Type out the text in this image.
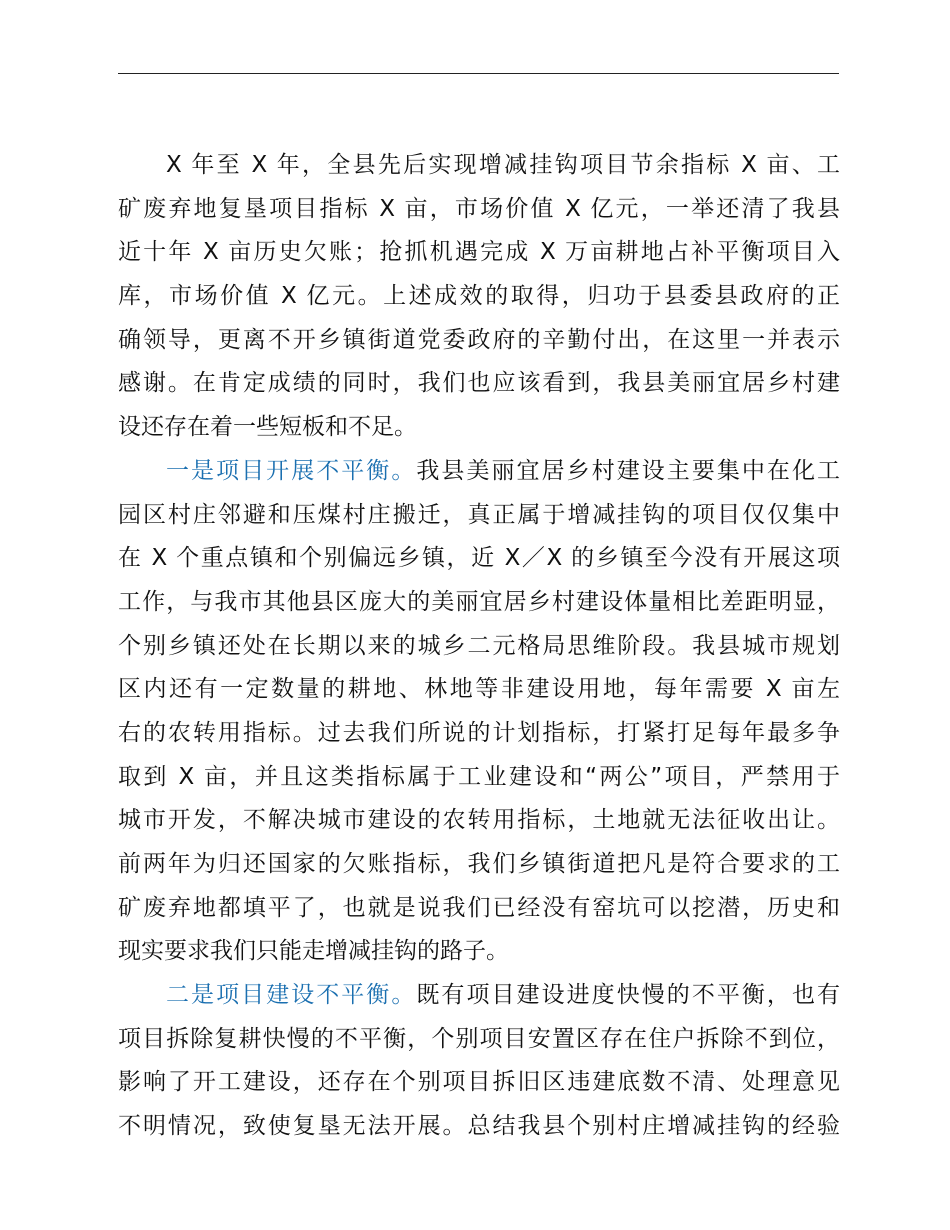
X 年至 X 年，全县先后实现增减挂钩项目节余指标 X 亩、工
矿废弃地复垦项目指标 X 亩，市场价值 X 亿元，一举还清了我县
近十年 X 亩历史欠账；抢抓机遇完成 X 万亩耕地占补平衡项目入
库，市场价值 X 亿元。上述成效的取得，归功于县委县政府的正
确领导，更离不开乡镇街道党委政府的辛勤付出，在这里一并表示
感谢。在肯定成绩的同时，我们也应该看到，我县美丽宜居乡村建
设还存在着一些短板和不足。
一是项目开展不平衡。我县美丽宜居乡村建设主要集中在化工
园区村庄邻避和压煤村庄搬迁，真正属于增减挂钩的项目仅仅集中
在 X 个重点镇和个别偏远乡镇，近 X／X 的乡镇至今没有开展这项
工作，与我市其他县区庞大的美丽宜居乡村建设体量相比差距明显，
个别乡镇还处在长期以来的城乡二元格局思维阶段。我县城市规划
区内还有一定数量的耕地、林地等非建设用地，每年需要 X 亩左
右的农转用指标。过去我们所说的计划指标，打紧打足每年最多争
取到 X 亩，并且这类指标属于工业建设和“两公”项目，严禁用于
城市开发，不解决城市建设的农转用指标，土地就无法征收出让。
前两年为归还国家的欠账指标，我们乡镇街道把凡是符合要求的工
矿废弃地都填平了，也就是说我们已经没有窑坑可以挖潜，历史和
现实要求我们只能走增减挂钩的路子。
二是项目建设不平衡。既有项目建设进度快慢的不平衡，也有
项目拆除复耕快慢的不平衡，个别项目安置区存在住户拆除不到位，
影响了开工建设，还存在个别项目拆旧区违建底数不清、处理意见
不明情况，致使复垦无法开展。总结我县个别村庄增减挂钩的经验
